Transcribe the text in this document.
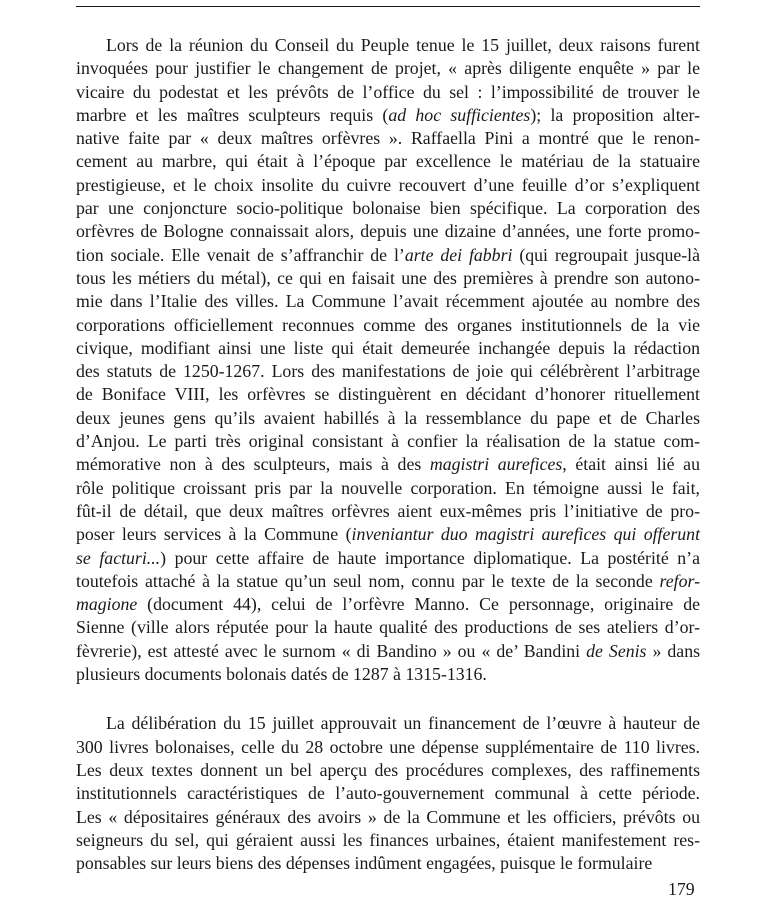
Lors de la réunion du Conseil du Peuple tenue le 15 juillet, deux raisons furent
invoquées pour justifier le changement de projet, « après diligente enquête » par le
vicaire du podestat et les prévôts de l’office du sel : l’impossibilité de trouver le
marbre et les maîtres sculpteurs requis (ad hoc sufficientes); la proposition alter-
native faite par « deux maîtres orfèvres ». Raffaella Pini a montré que le renon-
cement au marbre, qui était à l’époque par excellence le matériau de la statuaire
prestigieuse, et le choix insolite du cuivre recouvert d’une feuille d’or s’expliquent
par une conjoncture socio-politique bolonaise bien spécifique. La corporation des
orfèvres de Bologne connaissait alors, depuis une dizaine d’années, une forte promo-
tion sociale. Elle venait de s’affranchir de l’arte dei fabbri (qui regroupait jusque-là
tous les métiers du métal), ce qui en faisait une des premières à prendre son autono-
mie dans l’Italie des villes. La Commune l’avait récemment ajoutée au nombre des
corporations officiellement reconnues comme des organes institutionnels de la vie
civique, modifiant ainsi une liste qui était demeurée inchangée depuis la rédaction
des statuts de 1250-1267. Lors des manifestations de joie qui célébrèrent l’arbitrage
de Boniface VIII, les orfèvres se distinguèrent en décidant d’honorer rituellement
deux jeunes gens qu’ils avaient habillés à la ressemblance du pape et de Charles
d’Anjou. Le parti très original consistant à confier la réalisation de la statue com-
mémorative non à des sculpteurs, mais à des magistri aurefices, était ainsi lié au
rôle politique croissant pris par la nouvelle corporation. En témoigne aussi le fait,
fût-il de détail, que deux maîtres orfèvres aient eux-mêmes pris l’initiative de pro-
poser leurs services à la Commune (inveniantur duo magistri aurefices qui offerunt
se facturi...) pour cette affaire de haute importance diplomatique. La postérité n’a
toutefois attaché à la statue qu’un seul nom, connu par le texte de la seconde refor-
magione (document 44), celui de l’orfèvre Manno. Ce personnage, originaire de
Sienne (ville alors réputée pour la haute qualité des productions de ses ateliers d’or-
fèvrerie), est attesté avec le surnom « di Bandino » ou « de’ Bandini de Senis » dans
plusieurs documents bolonais datés de 1287 à 1315-1316.
La délibération du 15 juillet approuvait un financement de l’œuvre à hauteur de
300 livres bolonaises, celle du 28 octobre une dépense supplémentaire de 110 livres.
Les deux textes donnent un bel aperçu des procédures complexes, des raffinements
institutionnels caractéristiques de l’auto-gouvernement communal à cette période.
Les « dépositaires généraux des avoirs » de la Commune et les officiers, prévôts ou
seigneurs du sel, qui géraient aussi les finances urbaines, étaient manifestement res-
ponsables sur leurs biens des dépenses indûment engagées, puisque le formulaire
179
